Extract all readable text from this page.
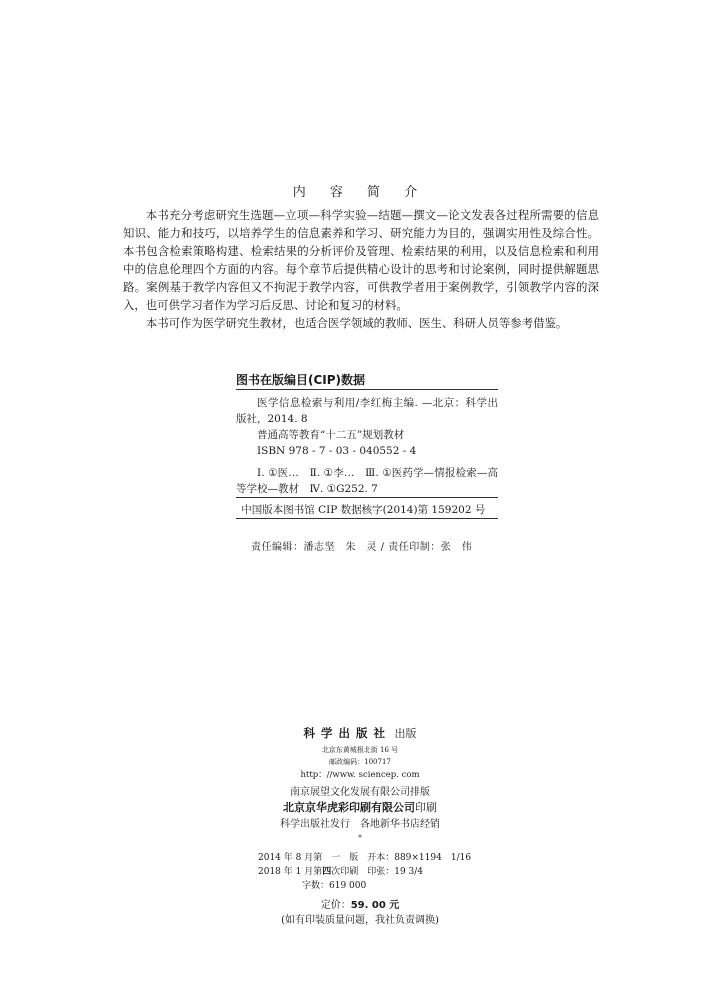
内 容 简 介

本书充分考虑研究生选题—立项—科学实验—结题—撰文—论文发表各过程所需要的信息知识、能力和技巧，以培养学生的信息素养和学习、研究能力为目的，强调实用性及综合性。本书包含检索策略构建、检索结果的分析评价及管理、检索结果的利用，以及信息检索和利用中的信息伦理四个方面的内容。每个章节后提供精心设计的思考和讨论案例，同时提供解题思路。案例基于教学内容但又不拘泥于教学内容，可供教学者用于案例教学，引领教学内容的深入，也可供学习者作为学习后反思、讨论和复习的材料。

本书可作为医学研究生教材，也适合医学领域的教师、医生、科研人员等参考借鉴。

图书在版编目(CIP)数据

医学信息检索与利用/李红梅主编. —北京：科学出版社，2014. 8

普通高等教育“十二五”规划教材

ISBN 978 - 7 - 03 - 040552 - 4

Ⅰ. ①医…　Ⅱ. ①李…　Ⅲ. ①医药学—情报检索—高等学校—教材　Ⅳ. ①G252. 7

中国版本图书馆 CIP 数据核字(2014)第 159202 号
责任编辑：潘志坚　朱　灵 / 责任印制：张　伟
科学出版社 出版
北京东黄城根北街 16 号
邮政编码：100717
http：//www. sciencep. com
南京展望文化发展有限公司排版
北京京华虎彩印刷有限公司印刷
科学出版社发行　各地新华书店经销
*
2014 年 8 月第　一　版　开本：889×1194　1/16
2018 年 1 月第四次印刷　印张：19 3/4
字数：619 000
定价：59. 00 元
(如有印装质量问题，我社负责调换)
